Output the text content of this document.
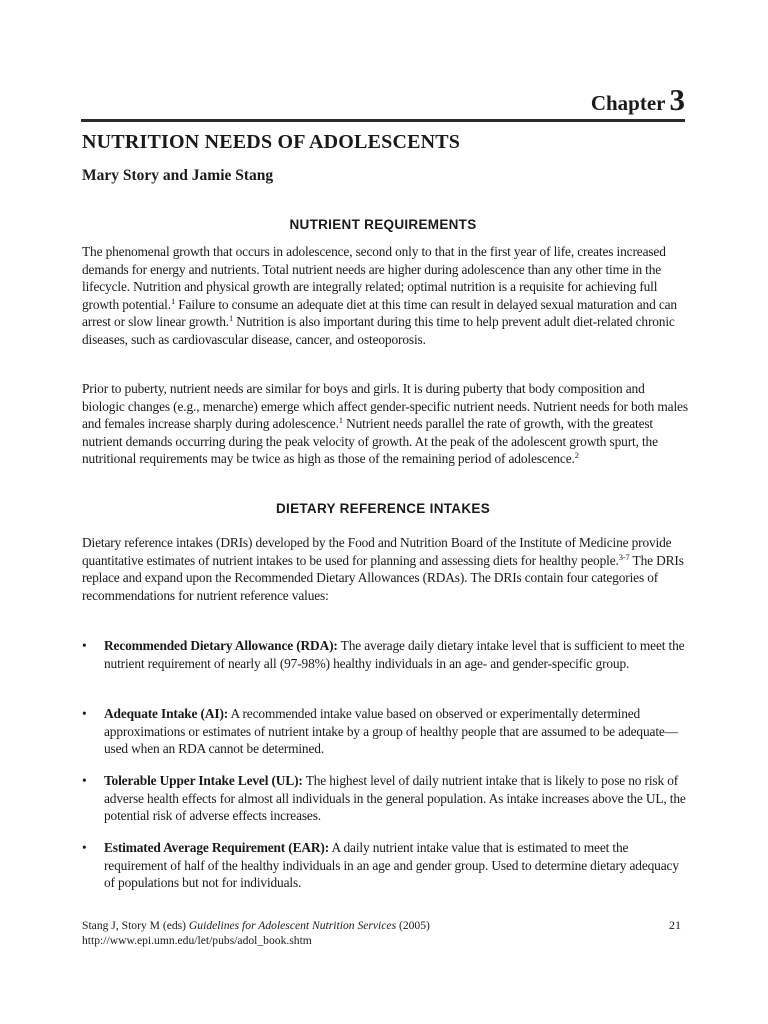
Chapter 3
NUTRITION NEEDS OF ADOLESCENTS

Mary Story and Jamie Stang

NUTRIENT REQUIREMENTS

The phenomenal growth that occurs in adolescence, second only to that in the first year of life, creates increased demands for energy and nutrients. Total nutrient needs are higher during adolescence than any other time in the lifecycle. Nutrition and physical growth are integrally related; optimal nutrition is a requisite for achieving full growth potential.$^1$ Failure to consume an adequate diet at this time can result in delayed sexual maturation and can arrest or slow linear growth.$^1$ Nutrition is also important during this time to help prevent adult diet-related chronic diseases, such as cardiovascular disease, cancer, and osteoporosis.

Prior to puberty, nutrient needs are similar for boys and girls. It is during puberty that body composition and biologic changes (e.g., menarche) emerge which affect gender-specific nutrient needs. Nutrient needs for both males and females increase sharply during adolescence.$^1$ Nutrient needs parallel the rate of growth, with the greatest nutrient demands occurring during the peak velocity of growth. At the peak of the adolescent growth spurt, the nutritional requirements may be twice as high as those of the remaining period of adolescence.$^2$

DIETARY REFERENCE INTAKES

Dietary reference intakes (DRIs) developed by the Food and Nutrition Board of the Institute of Medicine provide quantitative estimates of nutrient intakes to be used for planning and assessing diets for healthy people.$^{3-7}$ The DRIs replace and expand upon the Recommended Dietary Allowances (RDAs). The DRIs contain four categories of recommendations for nutrient reference values:

•	Recommended Dietary Allowance (RDA): The average daily dietary intake level that is sufficient to meet the nutrient requirement of nearly all (97-98%) healthy individuals in an age- and gender-specific group.
•	Adequate Intake (AI): A recommended intake value based on observed or experimentally determined approximations or estimates of nutrient intake by a group of healthy people that are assumed to be adequate— used when an RDA cannot be determined.
•	Tolerable Upper Intake Level (UL): The highest level of daily nutrient intake that is likely to pose no risk of adverse health effects for almost all individuals in the general population. As intake increases above the UL, the potential risk of adverse effects increases.
•	Estimated Average Requirement (EAR): A daily nutrient intake value that is estimated to meet the requirement of half of the healthy individuals in an age and gender group. Used to determine dietary adequacy of populations but not for individuals.
Stang J, Story M (eds) Guidelines for Adolescent Nutrition Services (2005)
http://www.epi.umn.edu/let/pubs/adol_book.shtm
21
